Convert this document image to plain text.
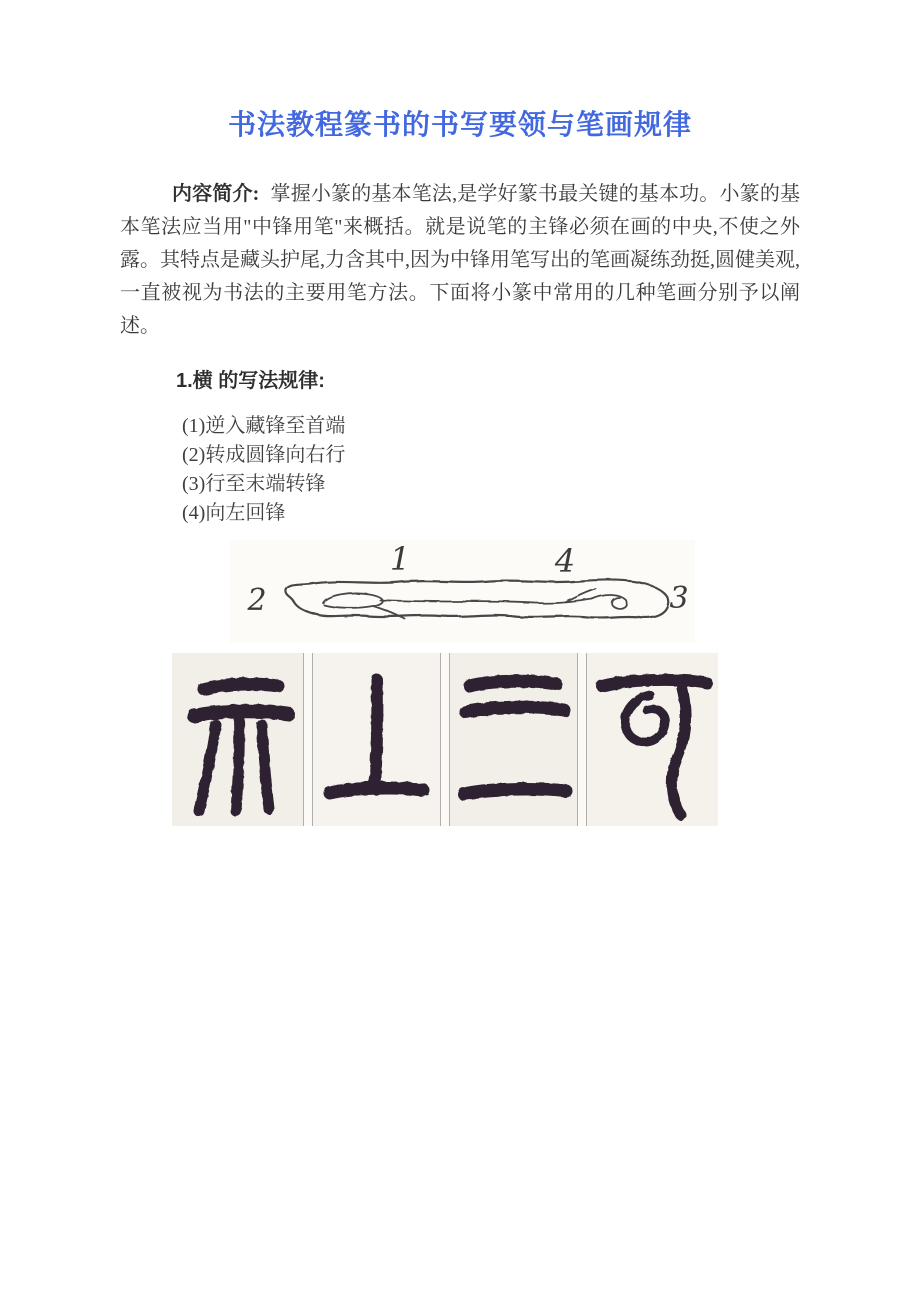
书法教程篆书的书写要领与笔画规律

内容简介: 掌握小篆的基本笔法,是学好篆书最关键的基本功。小篆的基本笔法应当用"中锋用笔"来概括。就是说笔的主锋必须在画的中央,不使之外露。其特点是藏头护尾,力含其中,因为中锋用笔写出的笔画凝练劲挺,圆健美观,一直被视为书法的主要用笔方法。下面将小篆中常用的几种笔画分别予以阐述。

1.横 的写法规律:
(1)逆入藏锋至首端
(2)转成圆锋向右行
(3)行至末端转锋
(4)向左回锋
1
2	3
4
